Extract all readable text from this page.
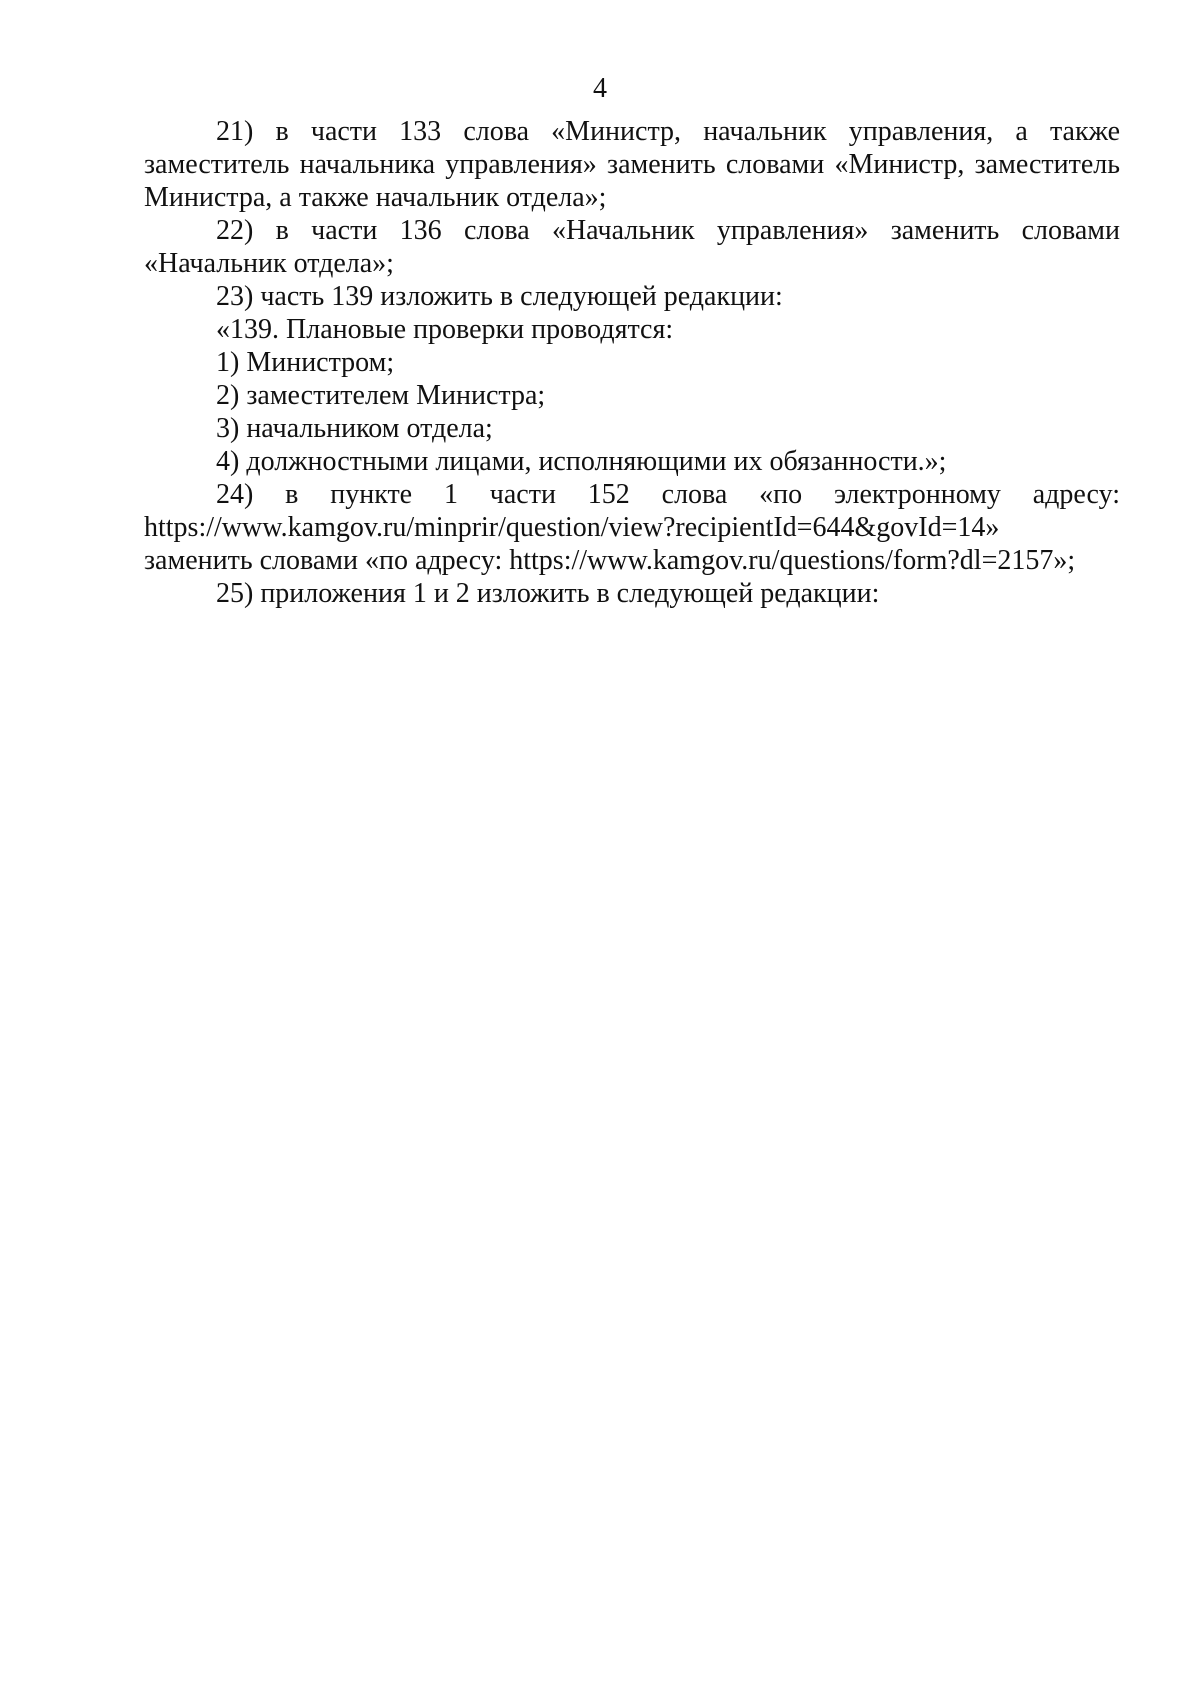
4

21) в части 133 слова «Министр, начальник управления, а также заместитель начальника управления» заменить словами «Министр, заместитель Министра, а также начальник отдела»;

22) в части 136 слова «Начальник управления» заменить словами «Начальник отдела»;

23) часть 139 изложить в следующей редакции:

«139. Плановые проверки проводятся:

1) Министром;

2) заместителем Министра;

3) начальником отдела;

4) должностными лицами, исполняющими их обязанности.»;

24) в пункте 1 части 152 слова «по электронному адресу:

https://www.kamgov.ru/minprir/question/view?recipientId=644&govId=14»

заменить словами «по адресу: https://www.kamgov.ru/questions/form?dl=2157»;

25) приложения 1 и 2 изложить в следующей редакции:
